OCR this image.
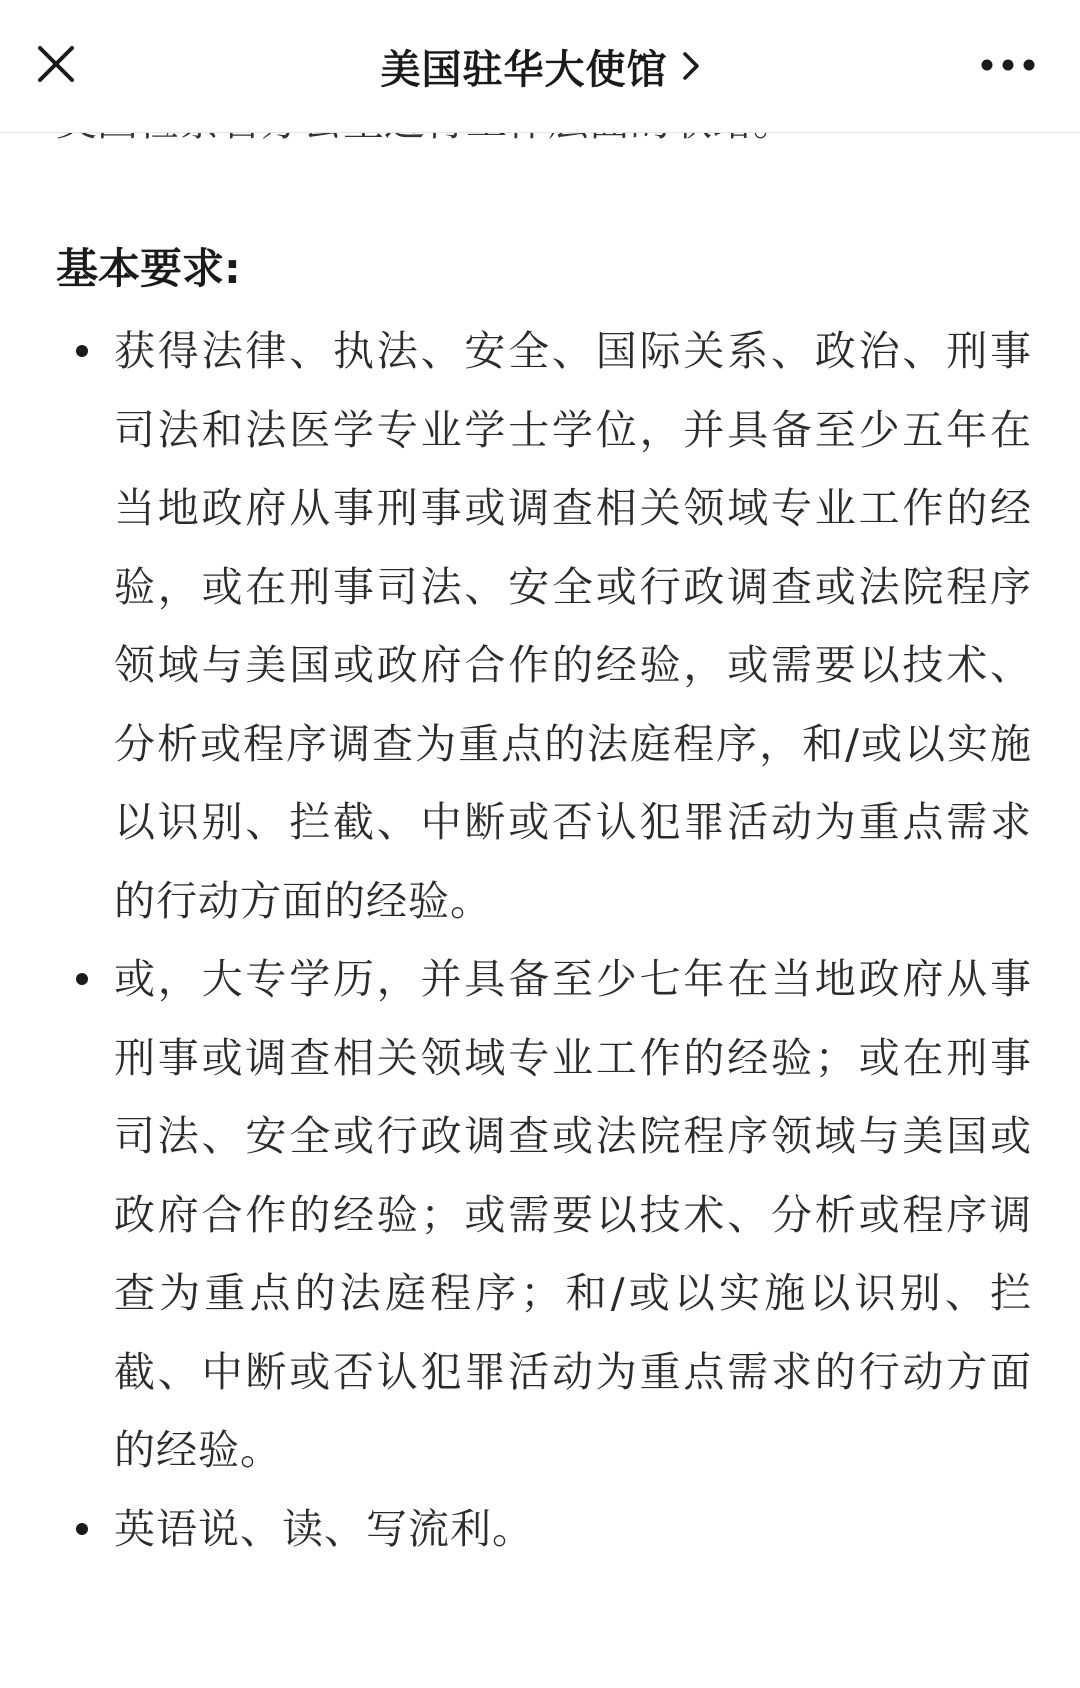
美国驻华大使馆
基本要求:
获得法律、执法、安全、国际关系、政治、刑事司法和法医学专业学士学位，并具备至少五年在当地政府从事刑事或调查相关领域专业工作的经验，或在刑事司法、安全或行政调查或法院程序领域与美国或政府合作的经验，或需要以技术、分析或程序调查为重点的法庭程序，和/或以实施以识别、拦截、中断或否认犯罪活动为重点需求的行动方面的经验。
或，大专学历，并具备至少七年在当地政府从事刑事或调查相关领域专业工作的经验；或在刑事司法、安全或行政调查或法院程序领域与美国或政府合作的经验；或需要以技术、分析或程序调查为重点的法庭程序；和/或以实施以识别、拦截、中断或否认犯罪活动为重点需求的行动方面的经验。
英语说、读、写流利。
